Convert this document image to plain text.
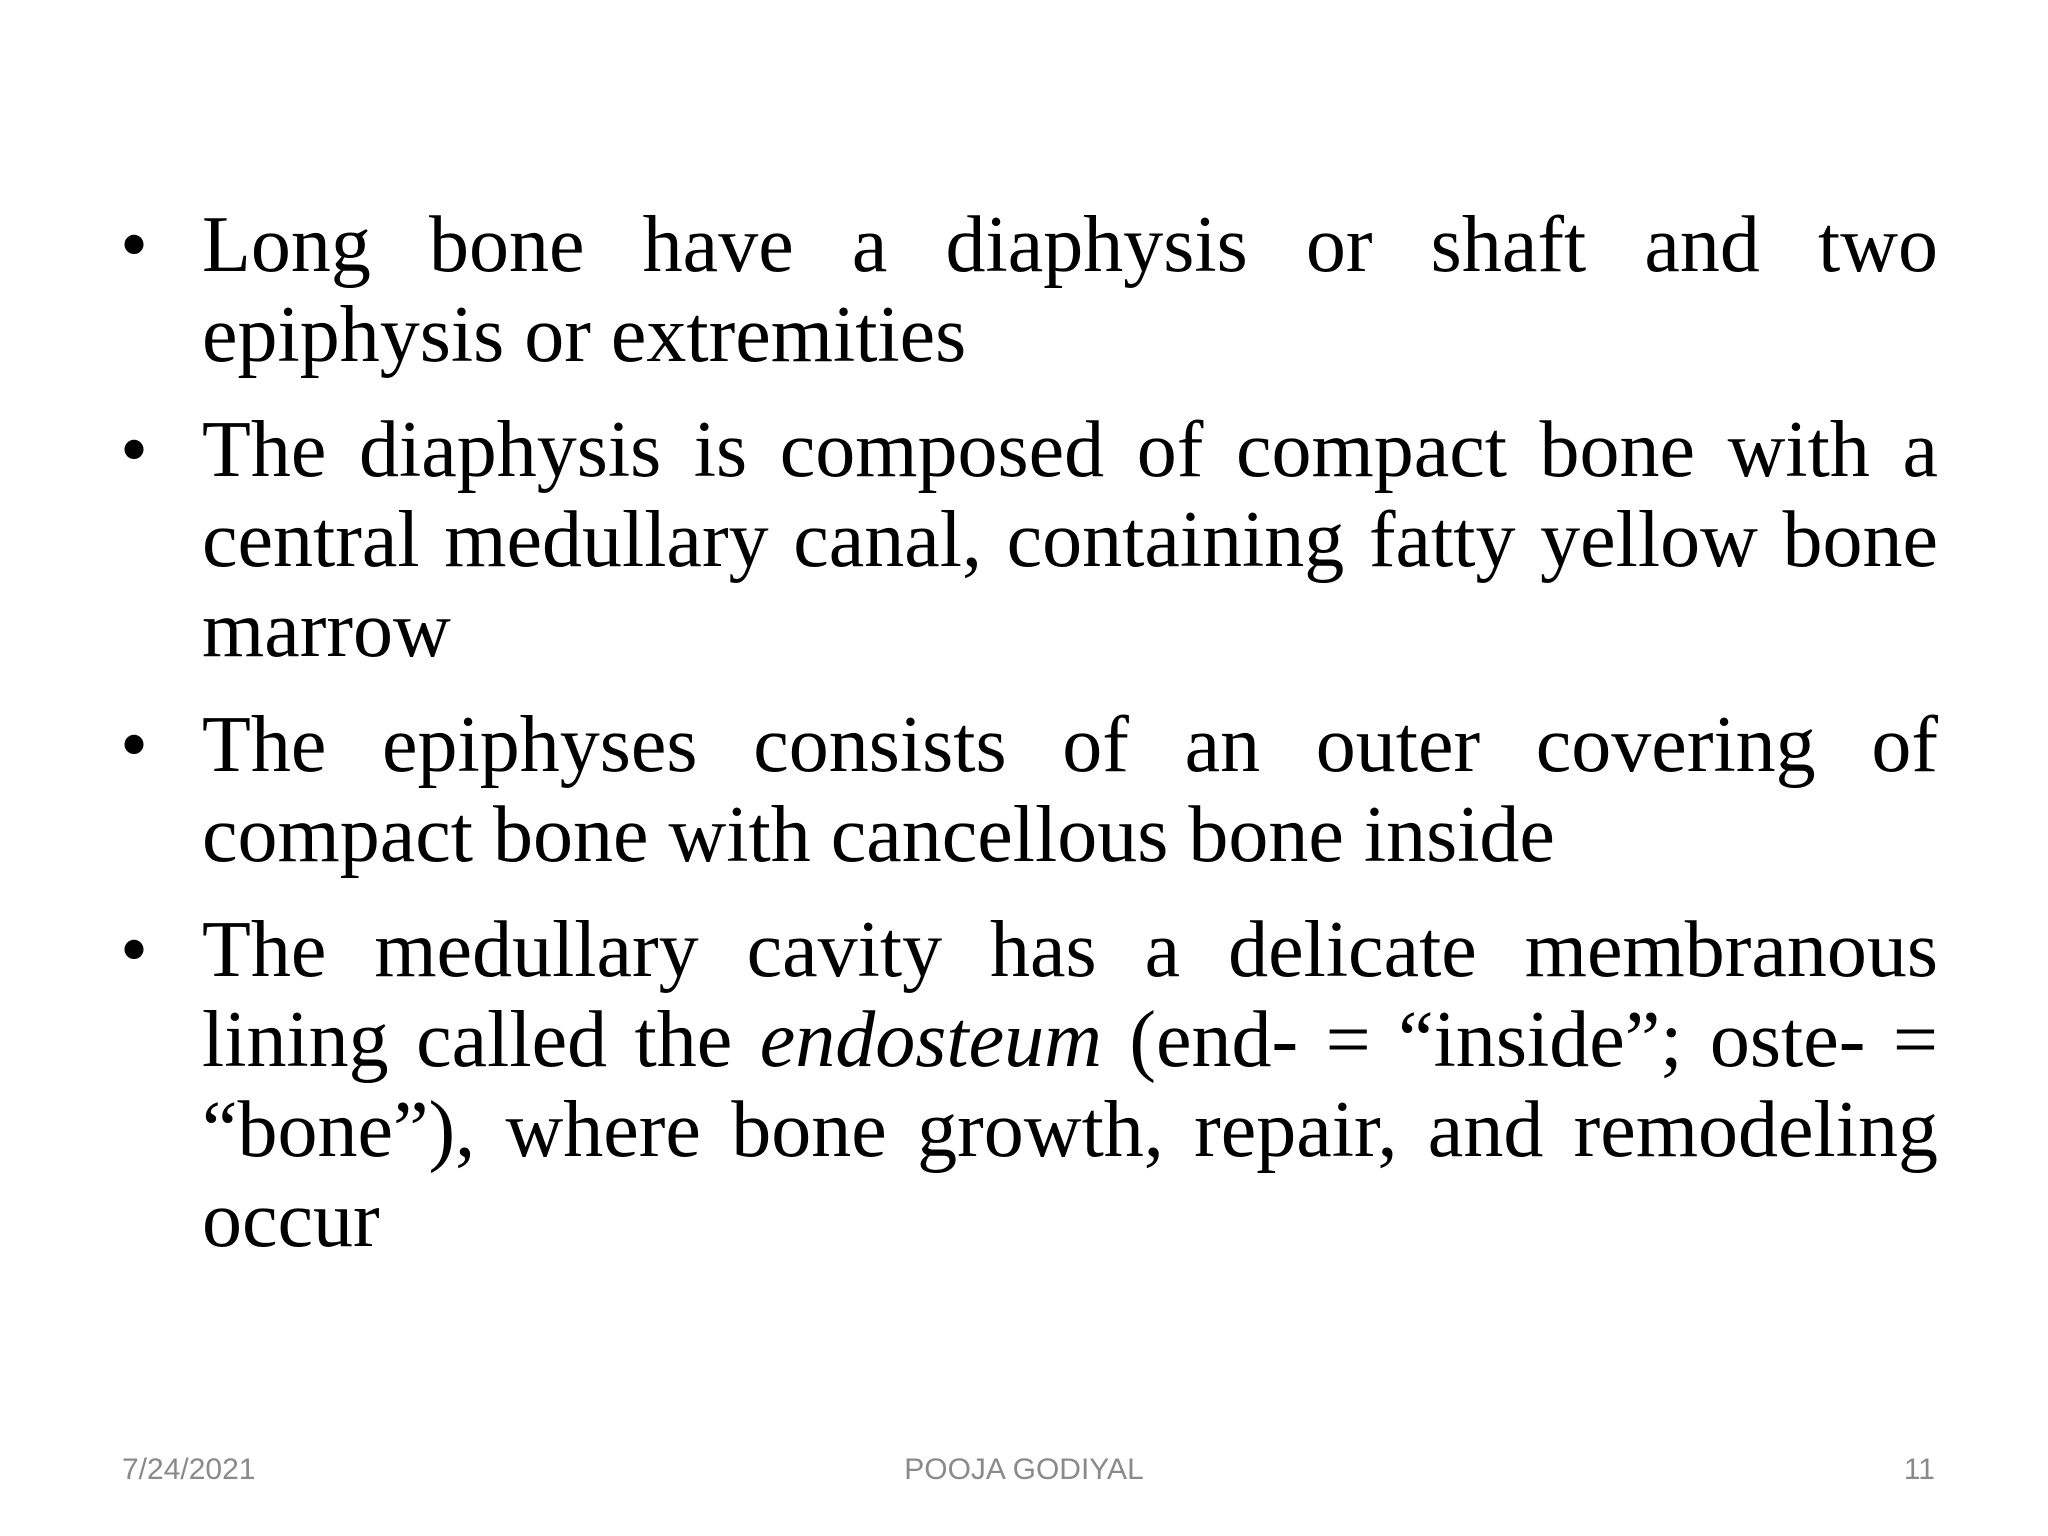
• Long bone have a diaphysis or shaft and two epiphysis or extremities
• The diaphysis is composed of compact bone with a central medullary canal, containing fatty yellow bone marrow
• The epiphyses consists of an outer covering of compact bone with cancellous bone inside
• The medullary cavity has a delicate membranous lining called the endosteum (end- = “inside”; oste- = “bone”), where bone growth, repair, and remodeling occur
POOJA GODIYAL
7/24/2021	11
